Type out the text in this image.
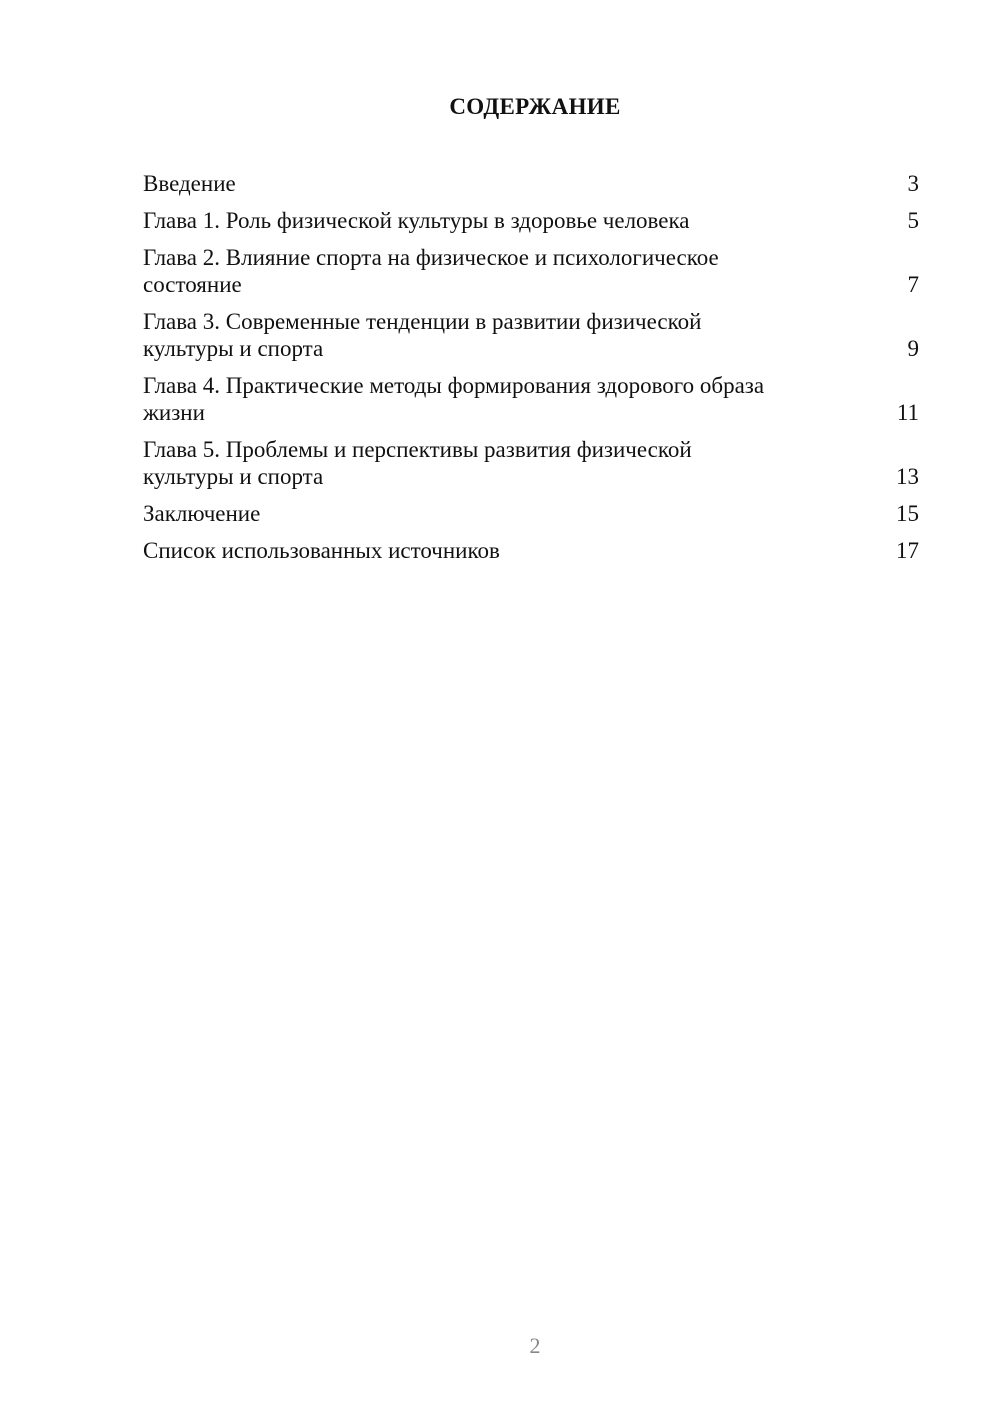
СОДЕРЖАНИЕ
Введение	3
Глава 1. Роль физической культуры в здоровье человека	5
Глава 2. Влияние спорта на физическое и психологическое состояние	7
Глава 3. Современные тенденции в развитии физической культуры и спорта	9
Глава 4. Практические методы формирования здорового образа жизни	11
Глава 5. Проблемы и перспективы развития физической культуры и спорта	13
Заключение	15
Список использованных источников	17
2
